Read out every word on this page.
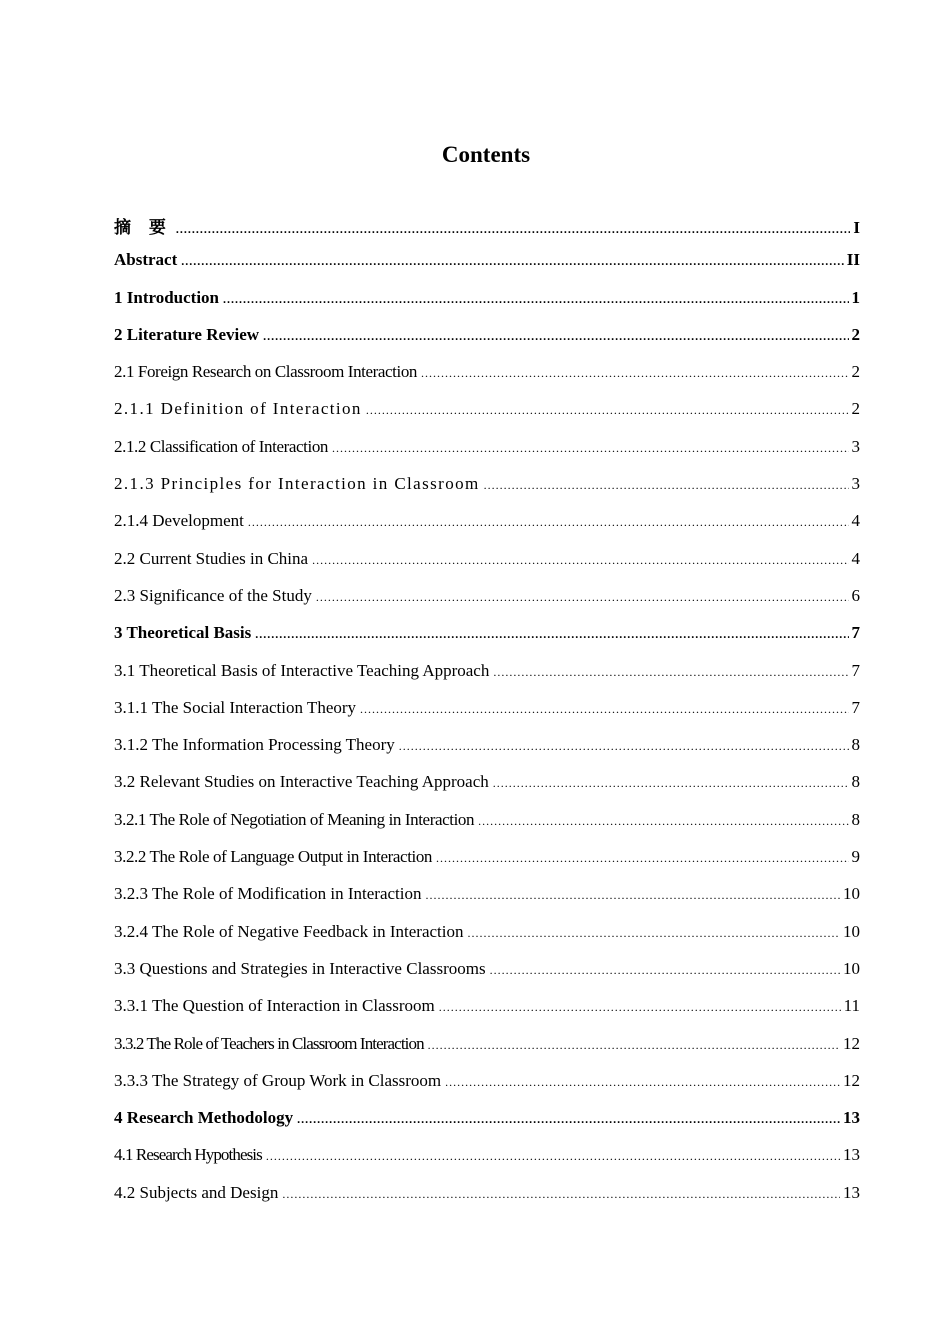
Contents
摘 要 .....	I
Abstract .....	II
1 Introduction .....	1
2 Literature Review .....	2
2.1 Foreign Research on Classroom Interaction .....	2
2.1.1 Definition of Interaction .....	2
2.1.2 Classification of Interaction .....	3
2.1.3 Principles for Interaction in Classroom .....	3
2.1.4 Development .....	4
2.2 Current Studies in China .....	4
2.3 Significance of the Study .....	6
3 Theoretical Basis .....	7
3.1 Theoretical Basis of Interactive Teaching Approach .....	7
3.1.1 The Social Interaction Theory .....	7
3.1.2 The Information Processing Theory .....	8
3.2 Relevant Studies on Interactive Teaching Approach .....	8
3.2.1 The Role of Negotiation of Meaning in Interaction .....	8
3.2.2 The Role of Language Output in Interaction .....	9
3.2.3 The Role of Modification in Interaction .....	10
3.2.4 The Role of Negative Feedback in Interaction .....	10
3.3 Questions and Strategies in Interactive Classrooms .....	10
3.3.1 The Question of Interaction in Classroom .....	11
3.3.2 The Role of Teachers in Classroom Interaction .....	12
3.3.3 The Strategy of Group Work in Classroom .....	12
4 Research Methodology .....	13
4.1 Research Hypothesis .....	13
4.2 Subjects and Design .....	13
